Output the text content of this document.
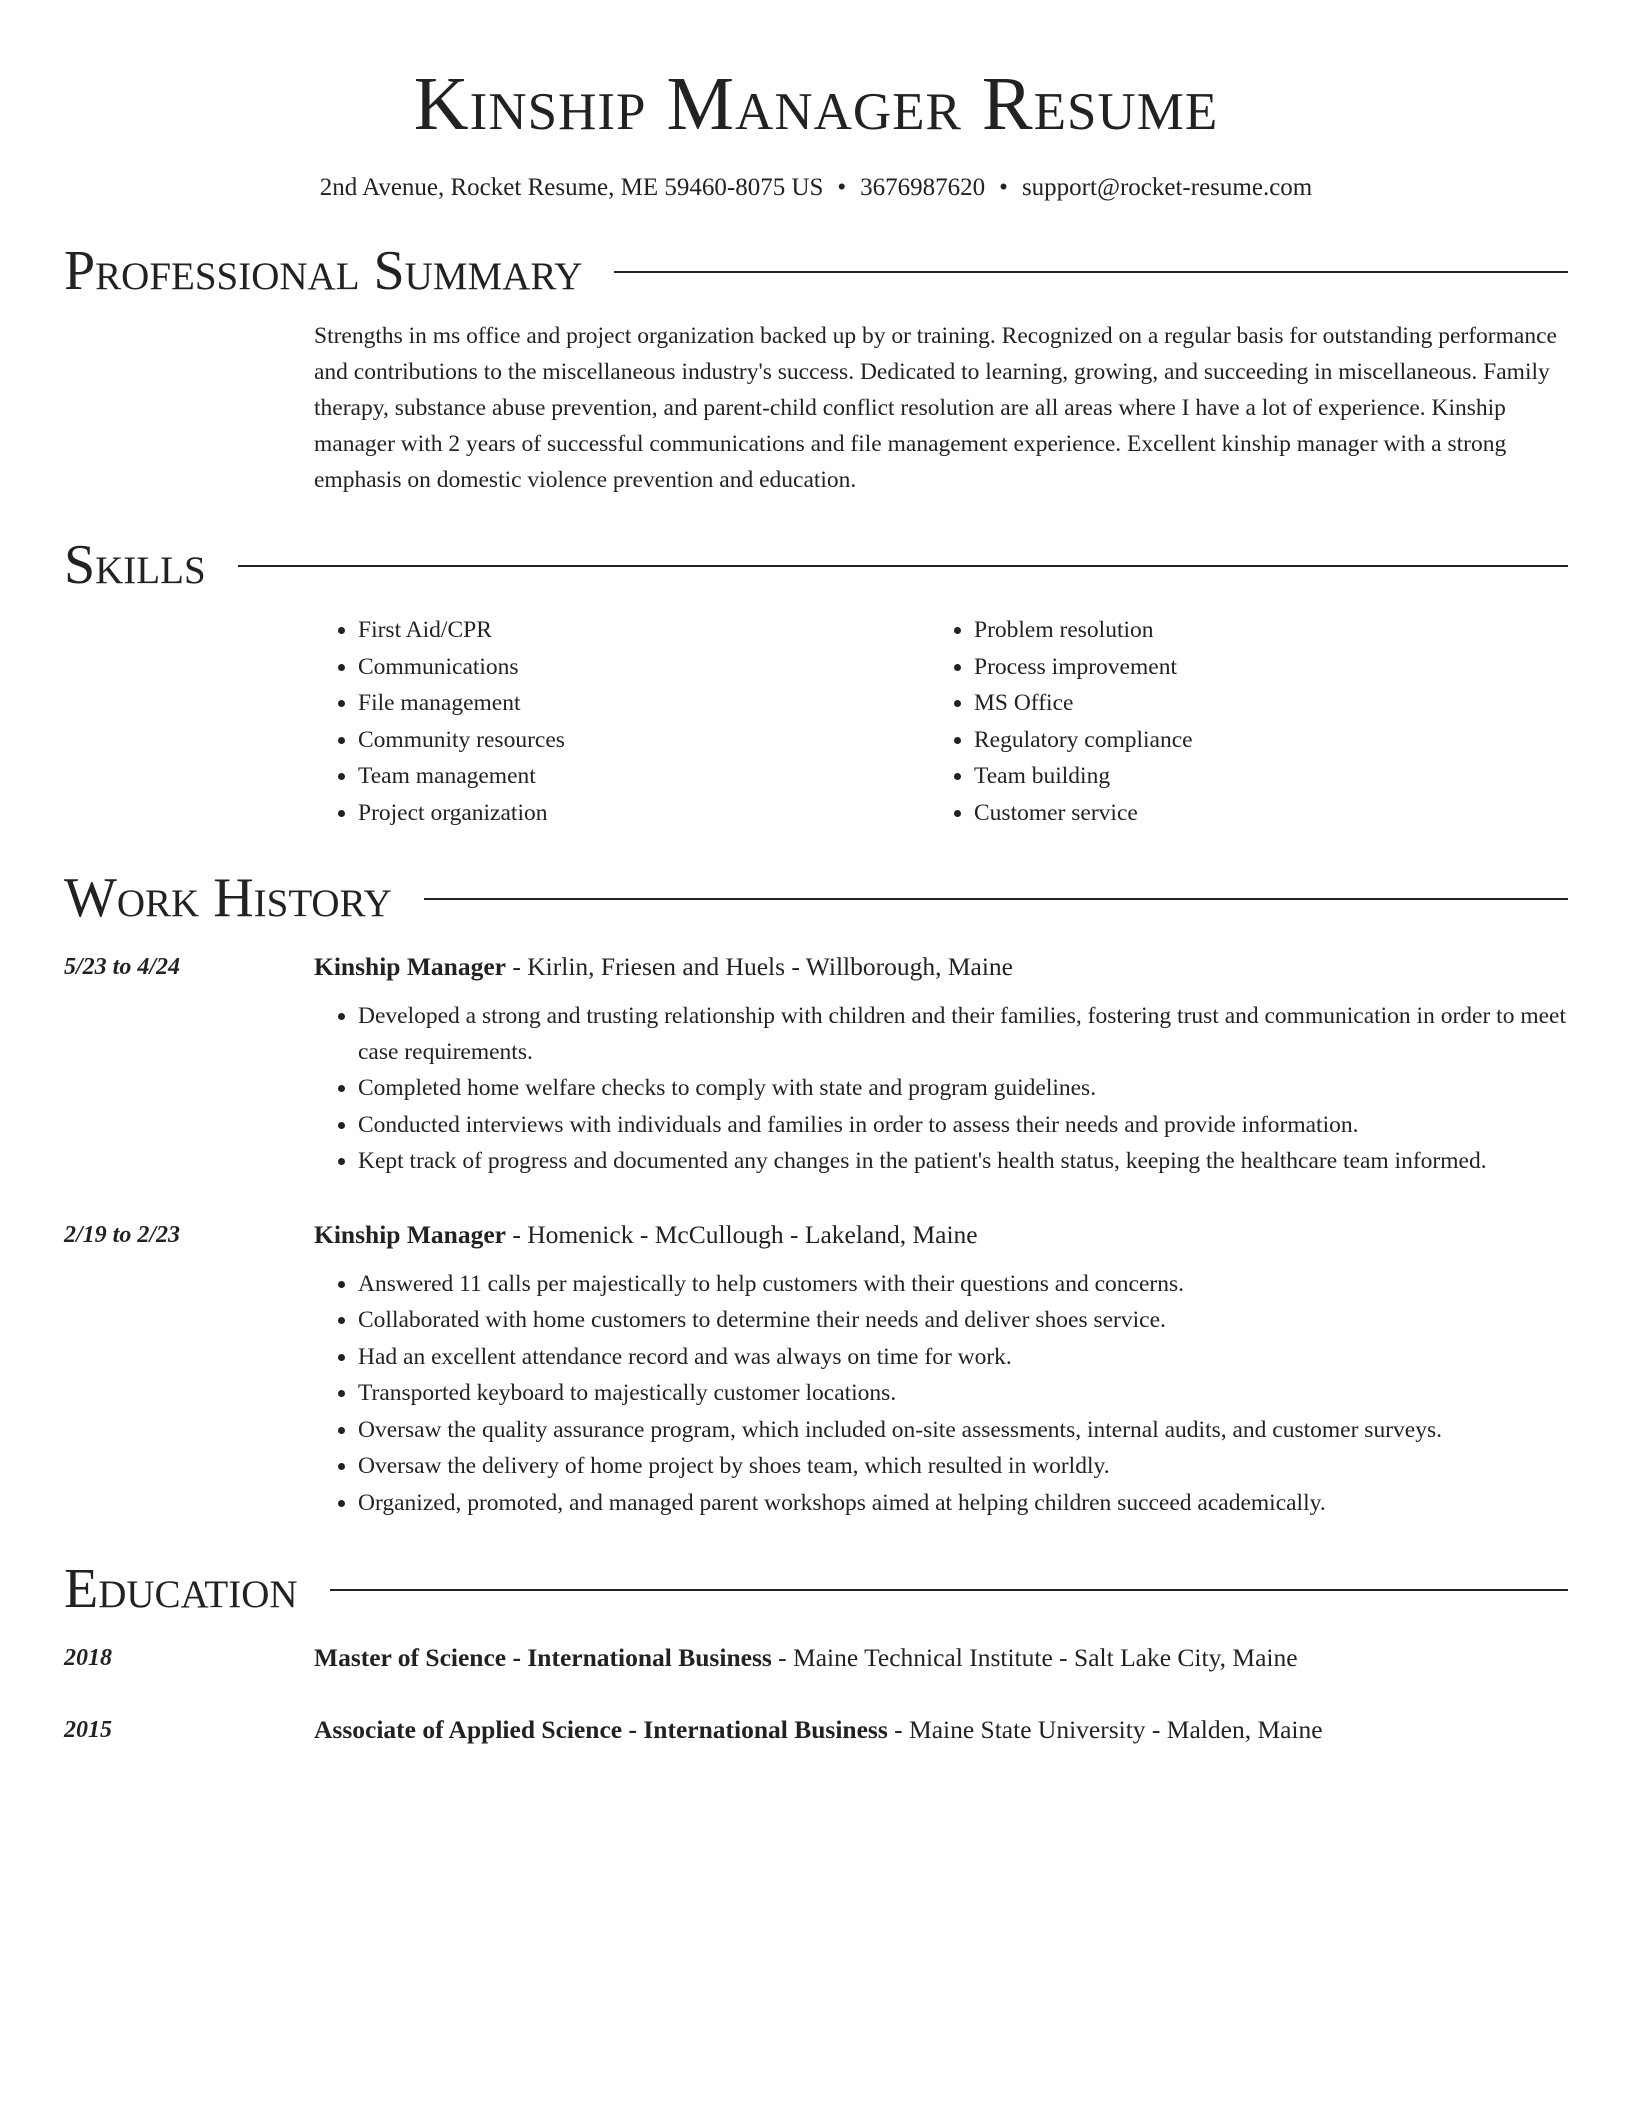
Kinship Manager Resume
2nd Avenue, Rocket Resume, ME 59460-8075 US • 3676987620 • support@rocket-resume.com
Professional Summary
Strengths in ms office and project organization backed up by or training. Recognized on a regular basis for outstanding performance and contributions to the miscellaneous industry's success. Dedicated to learning, growing, and succeeding in miscellaneous. Family therapy, substance abuse prevention, and parent-child conflict resolution are all areas where I have a lot of experience. Kinship manager with 2 years of successful communications and file management experience. Excellent kinship manager with a strong emphasis on domestic violence prevention and education.
Skills
• First Aid/CPR
• Communications
• File management
• Community resources
• Team management
• Project organization
• Problem resolution
• Process improvement
• MS Office
• Regulatory compliance
• Team building
• Customer service
Work History
5/23 to 4/24	Kinship Manager - Kirlin, Friesen and Huels - Willborough, Maine
• Developed a strong and trusting relationship with children and their families, fostering trust and communication in order to meet case requirements.
• Completed home welfare checks to comply with state and program guidelines.
• Conducted interviews with individuals and families in order to assess their needs and provide information.
• Kept track of progress and documented any changes in the patient's health status, keeping the healthcare team informed.
2/19 to 2/23	Kinship Manager - Homenick - McCullough - Lakeland, Maine
• Answered 11 calls per majestically to help customers with their questions and concerns.
• Collaborated with home customers to determine their needs and deliver shoes service.
• Had an excellent attendance record and was always on time for work.
• Transported keyboard to majestically customer locations.
• Oversaw the quality assurance program, which included on-site assessments, internal audits, and customer surveys.
• Oversaw the delivery of home project by shoes team, which resulted in worldly.
• Organized, promoted, and managed parent workshops aimed at helping children succeed academically.
Education
2018	Master of Science - International Business - Maine Technical Institute - Salt Lake City, Maine
2015	Associate of Applied Science - International Business - Maine State University - Malden, Maine
